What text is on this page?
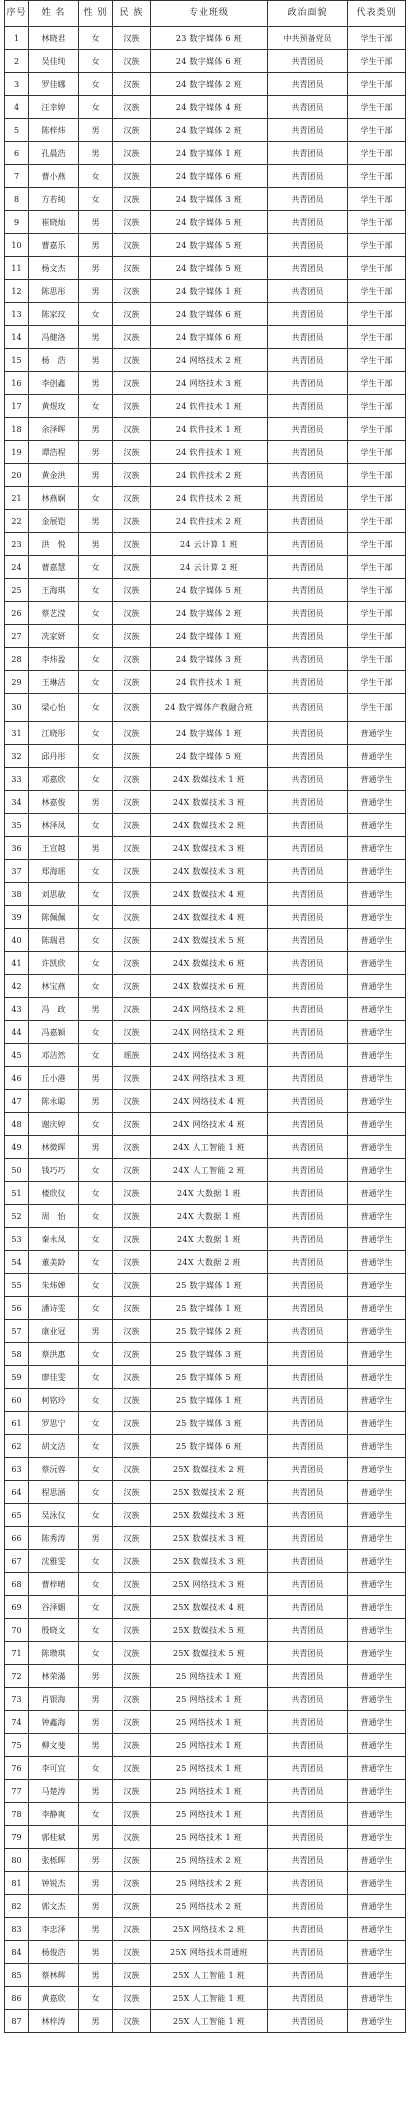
序号	姓 名	性 别	民 族	专业班级	政治面貌	代表类别
1	林晓君	女	汉族	23 数字媒体 6 班	中共预备党员	学生干部
2	吴佳纯	女	汉族	24 数字媒体 6 班	共青团员	学生干部
3	罗佳娜	女	汉族	24 数字媒体 2 班	共青团员	学生干部
4	汪幸婷	女	汉族	24 数字媒体 4 班	共青团员	学生干部
5	陈梓炜	男	汉族	24 数字媒体 2 班	共青团员	学生干部
6	孔晨浩	男	汉族	24 数字媒体 1 班	共青团员	学生干部
7	曹小燕	女	汉族	24 数字媒体 6 班	共青团员	学生干部
8	方若純	女	汉族	24 数字媒体 3 班	共青团员	学生干部
9	崔晓灿	男	汉族	24 数字媒体 5 班	共青团员	学生干部
10	曹嘉乐	男	汉族	24 数字媒体 5 班	共青团员	学生干部
11	杨文杰	男	汉族	24 数字媒体 5 班	共青团员	学生干部
12	陈思彤	男	汉族	24 数字媒体 1 班	共青团员	学生干部
13	陈家玟	女	汉族	24 数字媒体 6 班	共青团员	学生干部
14	冯健洛	男	汉族	24 数字媒体 6 班	共青团员	学生干部
15	杨　浩	男	汉族	24 网络技术 2 班	共青团员	学生干部
16	李创鑫	男	汉族	24 网络技术 3 班	共青团员	学生干部
17	黄煜玫	女	汉族	24 软件技术 1 班	共青团员	学生干部
18	余泽晖	男	汉族	24 软件技术 1 班	共青团员	学生干部
19	谭浩程	男	汉族	24 软件技术 1 班	共青团员	学生干部
20	黄金洪	男	汉族	24 软件技术 2 班	共青团员	学生干部
21	林燕娴	女	汉族	24 软件技术 2 班	共青团员	学生干部
22	金展铠	男	汉族	24 软件技术 2 班	共青团员	学生干部
23	洪　悦	男	汉族	24 云计算 1 班	共青团员	学生干部
24	曹嘉慧	女	汉族	24 云计算 2 班	共青团员	学生干部
25	王海琪	女	汉族	24 数字媒体 5 班	共青团员	学生干部
26	蔡艺滢	女	汉族	24 数字媒体 2 班	共青团员	学生干部
27	冼家妍	女	汉族	24 数字媒体 1 班	共青团员	学生干部
28	李炜盈	女	汉族	24 数字媒体 3 班	共青团员	学生干部
29	王琳洁	女	汉族	24 软件技术 1 班	共青团员	学生干部
30	梁心怡	女	汉族	24 数字媒体产教融合班	共青团员	学生干部
31	江晓彤	女	汉族	24 数字媒体 1 班	共青团员	普通学生
32	邱丹彤	女	汉族	24 数字媒体 5 班	共青团员	普通学生
33	邓嘉欣	女	汉族	24X 数媒技术 1 班	共青团员	普通学生
34	林嘉俊	男	汉族	24X 数媒技术 3 班	共青团员	普通学生
35	林泽凤	女	汉族	24X 数媒技术 2 班	共青团员	普通学生
36	王宣越	男	汉族	24X 数媒技术 3 班	共青团员	普通学生
37	郑海瑶	女	汉族	24X 数媒技术 3 班	共青团员	普通学生
38	刘思敏	女	汉族	24X 数媒技术 4 班	共青团员	普通学生
39	陈佩佩	女	汉族	24X 数媒技术 4 班	共青团员	普通学生
40	陈瑞君	女	汉族	24X 数媒技术 5 班	共青团员	普通学生
41	许凯欣	女	汉族	24X 数媒技术 6 班	共青团员	普通学生
42	林宝燕	女	汉族	24X 数媒技术 6 班	共青团员	普通学生
43	冯　政	男	汉族	24X 网络技术 2 班	共青团员	普通学生
44	冯嘉颖	女	汉族	24X 网络技术 2 班	共青团员	普通学生
45	邓洁然	女	瑶族	24X 网络技术 3 班	共青团员	普通学生
46	丘小港	男	汉族	24X 网络技术 3 班	共青团员	普通学生
47	陈永聪	男	汉族	24X 网络技术 4 班	共青团员	普通学生
48	谢庆婷	女	汉族	24X 网络技术 4 班	共青团员	普通学生
49	林微晖	男	汉族	24X 人工智能 1 班	共青团员	普通学生
50	钱巧巧	女	汉族	24X 人工智能 2 班	共青团员	普通学生
51	楼欣仪	女	汉族	24X 大数据 1 班	共青团员	普通学生
52	周　怡	女	汉族	24X 大数据 1 班	共青团员	普通学生
53	秦永凤	女	汉族	24X 大数据 1 班	共青团员	普通学生
54	董美龄	女	汉族	24X 大数据 2 班	共青团员	普通学生
55	朱炜婵	女	汉族	25 数字媒体 1 班	共青团员	普通学生
56	潘诗雯	女	汉族	25 数字媒体 1 班	共青团员	普通学生
57	康业冠	男	汉族	25 数字媒体 2 班	共青团员	普通学生
58	蔡洪惠	女	汉族	25 数字媒体 3 班	共青团员	普通学生
59	廖佳雯	女	汉族	25 数字媒体 5 班	共青团员	普通学生
60	柯铭玲	女	汉族	25 数字媒体 1 班	共青团员	普通学生
61	罗思宁	女	汉族	25 数字媒体 3 班	共青团员	普通学生
62	胡文洁	女	汉族	25 数字媒体 6 班	共青团员	普通学生
63	蔡沅蓉	女	汉族	25X 数媒技术 2 班	共青团员	普通学生
64	程思涵	女	汉族	25X 数媒技术 2 班	共青团员	普通学生
65	吴泳仪	女	汉族	25X 数媒技术 3 班	共青团员	普通学生
66	陈秀涛	男	汉族	25X 数媒技术 3 班	共青团员	普通学生
67	沈雅雯	女	汉族	25X 数媒技术 3 班	共青团员	普通学生
68	曹梓晴	女	汉族	25X 网络技术 3 班	共青团员	普通学生
69	谷泽媚	女	汉族	25X 数媒技术 4 班	共青团员	普通学生
70	殷晓文	女	汉族	25X 数媒技术 5 班	共青团员	普通学生
71	陈瓒琪	女	汉族	25X 数媒技术 5 班	共青团员	普通学生
72	林荣滿	男	汉族	25 网络技术 1 班	共青团员	普通学生
73	肖银海	男	汉族	25 网络技术 1 班	共青团员	普通学生
74	钟鑫海	男	汉族	25 网络技术 1 班	共青团员	普通学生
75	柳文斐	男	汉族	25 网络技术 1 班	共青团员	普通学生
76	李可宜	女	汉族	25 网络技术 1 班	共青团员	普通学生
77	马楚涛	男	汉族	25 网络技术 1 班	共青团员	普通学生
78	李静爽	女	汉族	25 网络技术 1 班	共青团员	普通学生
79	郭桂斌	男	汉族	25 网络技术 1 班	共青团员	普通学生
80	张栎晖	男	汉族	25 网络技术 2 班	共青团员	普通学生
81	钟锐杰	男	汉族	25 网络技术 2 班	共青团员	普通学生
82	郭文杰	男	汉族	25 网络技术 2 班	共青团员	普通学生
83	李忠泽	男	汉族	25X 网络技术 2 班	共青团员	普通学生
84	杨俊浩	男	汉族	25X 网络技术贯通班	共青团员	普通学生
85	蔡林辉	男	汉族	25X 人工智能 1 班	共青团员	普通学生
86	黄嘉欣	女	汉族	25X 人工智能 1 班	共青团员	普通学生
87	林梓涛	男	汉族	25X 人工智能 1 班	共青团员	普通学生
